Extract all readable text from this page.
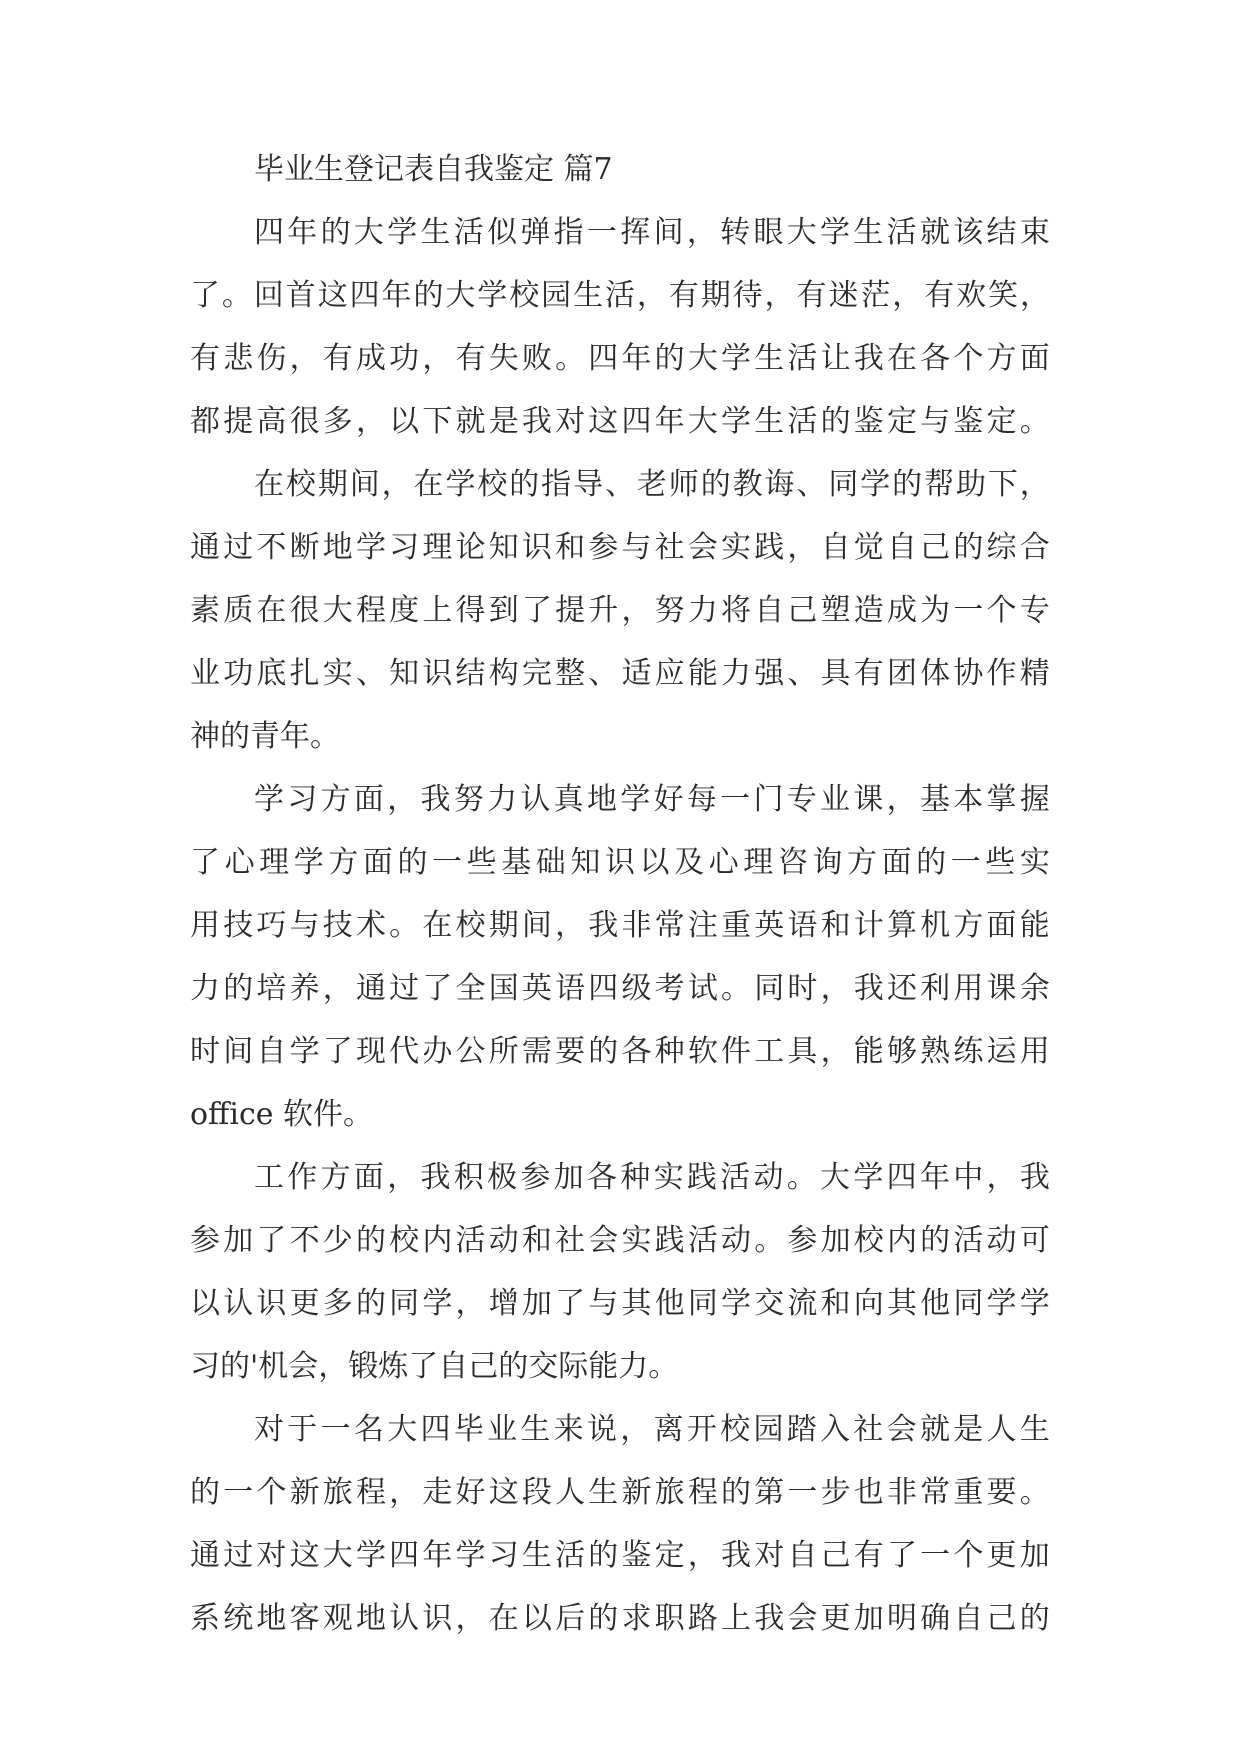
毕业生登记表自我鉴定 篇7
四 年 的 大 学 生 活 似 弹 指 一 挥 间 ， 转 眼 大 学 生 活 就 该 结 束
了 。 回 首 这 四 年 的 大 学 校 园 生 活 ， 有 期 待 ， 有 迷 茫 ， 有 欢 笑 ，
有 悲 伤 ， 有 成 功 ， 有 失 败 。 四 年 的 大 学 生 活 让 我 在 各 个 方 面
都 提 高 很 多 ， 以 下 就 是 我 对 这 四 年 大 学 生 活 的 鉴 定 与 鉴 定 。
在 校 期 间 ， 在 学 校 的 指 导 、 老 师 的 教 诲 、 同 学 的 帮 助 下 ，
通 过 不 断 地 学 习 理 论 知 识 和 参 与 社 会 实 践 ， 自 觉 自 己 的 综 合
素 质 在 很 大 程 度 上 得 到 了 提 升 ， 努 力 将 自 己 塑 造 成 为 一 个 专
业 功 底 扎 实 、 知 识 结 构 完 整 、 适 应 能 力 强 、 具 有 团 体 协 作 精
神的青年。
学 习 方 面 ， 我 努 力 认 真 地 学 好 每 一 门 专 业 课 ， 基 本 掌 握
了 心 理 学 方 面 的 一 些 基 础 知 识 以 及 心 理 咨 询 方 面 的 一 些 实
用 技 巧 与 技 术 。 在 校 期 间 ， 我 非 常 注 重 英 语 和 计 算 机 方 面 能
力 的 培 养 ， 通 过 了 全 国 英 语 四 级 考 试 。 同 时 ， 我 还 利 用 课 余
时 间 自 学 了 现 代 办 公 所 需 要 的 各 种 软 件 工 具 ， 能 够 熟 练 运 用
office 软件。
工 作 方 面 ， 我 积 极 参 加 各 种 实 践 活 动 。 大 学 四 年 中 ， 我
参 加 了 不 少 的 校 内 活 动 和 社 会 实 践 活 动 。 参 加 校 内 的 活 动 可
以 认 识 更 多 的 同 学 ， 增 加 了 与 其 他 同 学 交 流 和 向 其 他 同 学 学
习的'机会，锻炼了自己的交际能力。
对 于 一 名 大 四 毕 业 生 来 说 ， 离 开 校 园 踏 入 社 会 就 是 人 生
的 一 个 新 旅 程 ， 走 好 这 段 人 生 新 旅 程 的 第 一 步 也 非 常 重 要 。
通 过 对 这 大 学 四 年 学 习 生 活 的 鉴 定 ， 我 对 自 己 有 了 一 个 更 加
系 统 地 客 观 地 认 识 ， 在 以 后 的 求 职 路 上 我 会 更 加 明 确 自 己 的
